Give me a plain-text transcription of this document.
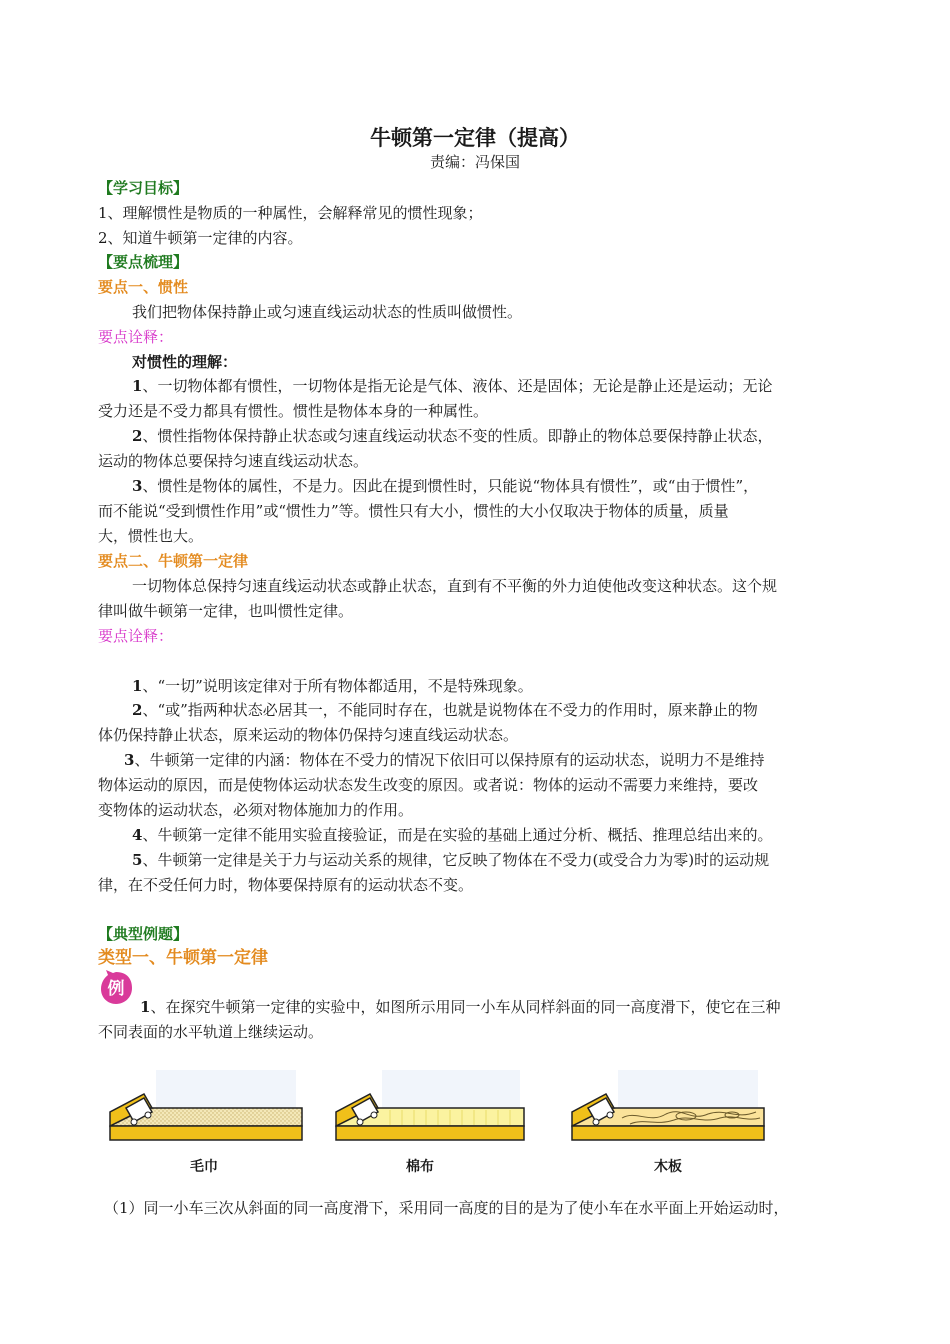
牛顿第一定律（提高）
责编：冯保国
【学习目标】
1、理解惯性是物质的一种属性，会解释常见的惯性现象；
2、知道牛顿第一定律的内容。
【要点梳理】
要点一、惯性
我们把物体保持静止或匀速直线运动状态的性质叫做惯性。
要点诠释：
对惯性的理解：
1、一切物体都有惯性，一切物体是指无论是气体、液体、还是固体；无论是静止还是运动；无论
受力还是不受力都具有惯性。惯性是物体本身的一种属性。
2、惯性指物体保持静止状态或匀速直线运动状态不变的性质。即静止的物体总要保持静止状态，
运动的物体总要保持匀速直线运动状态。
3、惯性是物体的属性，不是力。因此在提到惯性时，只能说“物体具有惯性”，或“由于惯性”，
而不能说“受到惯性作用”或“惯性力”等。惯性只有大小，惯性的大小仅取决于物体的质量，质量
大，惯性也大。
要点二、牛顿第一定律
一切物体总保持匀速直线运动状态或静止状态，直到有不平衡的外力迫使他改变这种状态。这个规
律叫做牛顿第一定律，也叫惯性定律。
要点诠释：
1、“一切”说明该定律对于所有物体都适用，不是特殊现象。
2、“或”指两种状态必居其一，不能同时存在，也就是说物体在不受力的作用时，原来静止的物
体仍保持静止状态，原来运动的物体仍保持匀速直线运动状态。
3、牛顿第一定律的内涵：物体在不受力的情况下依旧可以保持原有的运动状态，说明力不是维持
物体运动的原因，而是使物体运动状态发生改变的原因。或者说：物体的运动不需要力来维持，要改
变物体的运动状态，必须对物体施加力的作用。
4、牛顿第一定律不能用实验直接验证，而是在实验的基础上通过分析、概括、推理总结出来的。
5、牛顿第一定律是关于力与运动关系的规律，它反映了物体在不受力(或受合力为零)时的运动规
律，在不受任何力时，物体要保持原有的运动状态不变。
【典型例题】
类型一、牛顿第一定律
例
1、在探究牛顿第一定律的实验中，如图所示用同一小车从同样斜面的同一高度滑下，使它在三种
不同表面的水平轨道上继续运动。
毛巾	棉布	木板
（1）同一小车三次从斜面的同一高度滑下，采用同一高度的目的是为了使小车在水平面上开始运动时，
